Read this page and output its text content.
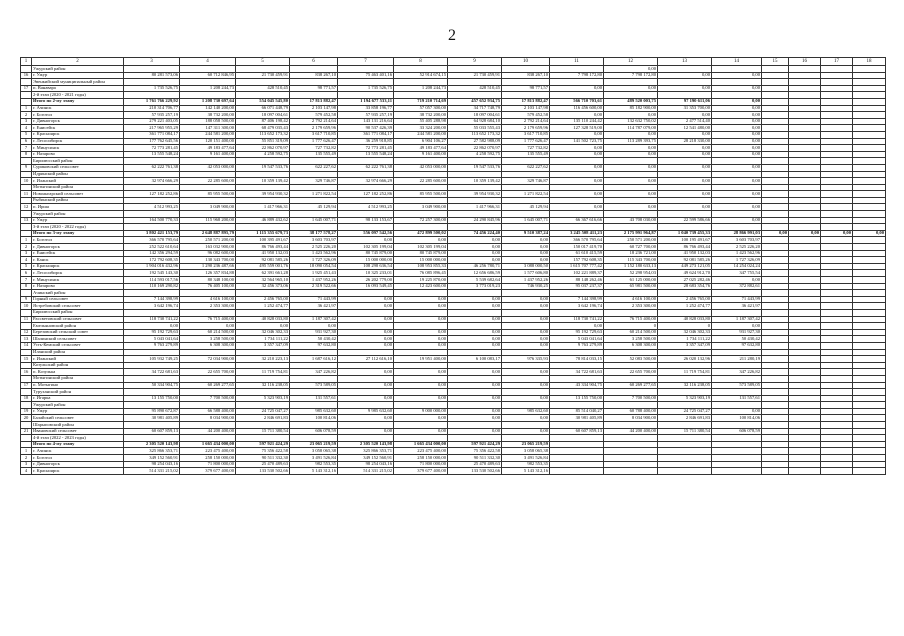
2
1	2	3	4	5	6	7	8	9	10	11	12	13	14	15	16	17	18
	Ужурский район										0,00						
16	г. Ужур	80 281 573,06	60 712 846,95	21 730 459,91	838 267,10	75 463 401,16	52 914 674,15	21 730 459,91	838 267,10	7 798 172,80	7 798 172,80	0,00	0,00				
	Эвенкийский муниципальный район																
17	п. Ванавара	1 735 526,75	1 208 244,73	428 510,45	98 771,57	1 735 526,75	1 208 244,73	428 510,45	98 771,57	0,00	0,00	0,00	0,00				
	2-й этап (2020 - 2021 годы)																
	Итого по 2-му этапу	1 761 766 229,92	1 208 730 697,64	554 045 545,80	17 813 882,47	1 194 677 533,11	719 210 714,69	457 652 934,75	17 813 882,47	566 710 703,61	489 520 003,75	97 190 611,06	0,00				
1	г. Ачинск	210 314 706,77	142 140 200,00	66 071 448,79	2 103 147,98	33 858 196,77	57 057 300,00	34 717 748,79	2 103 147,98	116 456 600,00	85 182 900,00	31 353 700,00	0,00				
2	г. Боготол	57 935 257,19	38 732 200,00	18 097 004,61	579 452,58	57 935 257,19	38 732 200,00	18 097 004,61	579 452,58	0,00	0,00	0,00	0,00				
3	г. Дивногорск	279 221 403,05	188 058 500,00	87 406 198,42	2 792 214,64	143 131 216,64	55 405 288,98	64 928 684,10	2 792 214,64	135 110 244,42	132 632 750,02	2 477 514,40	0,00				
4	г. Енисейск	217 965 955,29	147 311 300,00	68 479 035,43	2 179 659,96	90 537 426,39	33 324 200,00	55 033 555,43	2 179 659,96	127 328 519,00	114 787 079,00	12 541 480,00	0,00				
5	г. Красноярск	361 771 084,17	244 581 200,00	113 652 173,32	3 617 710,85	361 771 084,17	244 581 200,00	113 652 173,32	3 617 710,85	0,00	0,00	0,00	0,00				
6	г. Лесосибирск	177 762 645,56	120 151 400,00	55 851 319,09	1 777 626,47	36 259 918,85	6 904 106,27	27 582 988,09	1 777 626,47	141 502 723,75	113 289 393,75	28 218 330,00	0,00				
7	г. Минусинск	72 773 281,45	49 183 477,64	22 862 070,97	727 732,82	72 773 281,45	49 183 477,64	22 862 070,97	727 732,82	0,00	0,00	0,00	0,00				
8	г. Назарово	13 555 548,24	9 161 400,00	4 258 592,75	135 555,49	13 555 548,24	9 161 400,00	4 258 592,75	135 555,49	0,00	0,00	0,00	0,00				
	Бирилюсский район																
9	Суриковский сельсовет	62 222 761,38	42 053 000,00	19 547 533,76	622 227,62	62 222 761,38	42 053 000,00	19 547 533,76	622 227,62	0,00	0,00	0,00	0,00				
	Идринский район																
10	г. Иланский	32 974 666,29	22 285 600,00	10 359 139,42	329 746,87	32 974 666,29	22 285 600,00	10 359 139,42	329 746,87	0,00	0,00	0,00	0,00				
	Мотыгинский район																
11	Новоангарский сельсовет	127 182 252,86	85 955 500,00	39 954 930,32	1 271 822,54	127 182 252,86	85 955 500,00	39 954 930,32	1 271 822,54	0,00	0,00	0,00	0,00				
	Рыбинский район																
12	п. Ирша	4 512 993,25	3 049 900,00	1 417 966,31	45 129,94	4 512 993,25	3 049 900,00	1 417 966,31	45 129,94	0,00	0,00	0,00	0,00				
	Ужурский район																
13	г. Ужур	164 500 770,33	115 968 200,00	46 889 432,62	1 645 007,71	98 133 153,67	72 257 300,00	24 290 845,96	1 645 007,71	66 367 616,66	43 708 030,00	22 599 586,66	0,00				
	3-й этап (2020 - 2022 годы)																
	Итого по 3-му этапу	3 802 421 153,79	2 648 887 895,79	1 115 355 679,73	38 177 578,27	556 097 542,56	472 899 500,02	74 456 224,40	9 510 387,24	3 245 508 411,23	2 175 991 964,87	1 040 739 455,33	28 866 991,03	0,00	0,00	0,00	0,00
1	г. Боготол	366 570 795,64	250 571 200,00	100 395 491,67	3 603 703,97	0,00	0,00	0,00	0,00	366 570 795,64	250 571 200,00	100 195 491,67	3 603 703,97				
2	г. Дивногорск	252 522 610,64	163 032 900,00	86 766 493,44	2 525 226,20	102 305 199,04	102 305 199,04	0,00	0,00	150 017 419,70	60 727 700,00	86 766 493,44	2 525 226,20				
3	г. Енисейск	142 356 294,59	96 082 600,00	41 950 132,03	1 423 562,96	80 745 879,00	80 745 879,00	0,00	0,00	61 610 415,59	18 236 721,00	41 950 132,03	1 423 562,96				
4	г. Канск	172 792 608,35	130 343 700,00	92 081 585,26	1 727 326,09	15 000 000,00	15 000 000,00	0,00	0,00	157 792 608,35	115 343 700,00	92 081 585,26	1 727 326,09				
5	г. Красноярск	1 904 016 432,96	1 290 236 487,66	495 559 001,76	18 090 054,54	108 298 636,54	108 953 855,33	46 256 780,71	3 088 000,50	1 615 707 777,42	1 152 180 633,13	449 273 121,05	14 254 024,24				
6	г. Лесосибирск	192 545 143,30	126 357 834,88	62 391 661,28	1 925 451,43	10 325 233,01	76 085 896,45	12 656 686,59	1 577 606,80	102 221 889,37	52 298 954,03	49 624 912,70	347 755,54				
7	г. Минусинск	114 593 017,56	80 348 100,00	32 564 965,10	1 437 952,26	26 202 779,00	19 225 870,00	5 539 682,64	1 437 952,26	88 148 262,46	61 125 000,00	27 025 282,46	0,00				
8	г. Назарово	110 169 290,82	76 405 100,00	32 456 373,06	2 319 522,66	16 093 549,45	12 423 600,00	3 773 019,23	746 930,25	95 037 237,37	65 981 500,00	28 683 354,76	372 882,61				
	Ачинский район																
9	Горный сельсовет	7 144 398,99	4 616 100,00	2 456 765,00	71 443,99	0,00	0,00	0,00	0,00	7 144 398,99	4 616 100,00	2 456 765,00	71 443,99				
10	Ястребовский сельсовет	3 642 196,74	2 353 300,00	1 252 474,77	36 421,97	0,00	0,00	0,00	0,00	3 642 196,74	2 353 300,00	1 252 474,77	36 421,97				
	Бирилюсский район																
11	Рассветовский сельсовет	118 730 741,22	76 715 400,00	40 828 033,80	1 187 307,42	0,00	0,00	0,00	0,00	118 730 741,22	76 715 400,00	40 828 033,80	1 187 307,42				
	Емельяновский район	0,00	0,00	0,00	0,00					0,00	0	0	0,00				
12	Березовский сельский совет	95 192 729,63	60 214 500,00	32 046 302,33	931 927,30	0,00	0,00	0,00	0,00	95 192 729,63	60 214 500,00	32 046 302,33	931 927,30				
13	Шалинский сельсовет	5 043 041,64	3 258 500,00	1 734 111,22	50 430,42	0,00	0,00	0,00	0,00	5 043 041,64	3 258 500,00	1 734 111,22	50 430,42				
14	Усть-Кемский сельсовет	9 763 279,89	6 308 300,00	3 357 347,09	97 632,80	0,00	0,00	0,00	0,00	9 763 279,89	6 308 300,00	3 357 347,09	97 632,80				
	Иланский район																
15	г. Иланский	105 932 749,25	72 034 900,00	32 210 223,13	1 687 616,12	27 112 616,10	19 951 400,00	6 100 083,17	976 335,93	78 814 033,15	52 083 500,00	26 020 132,96	211 280,19				
	Козульский район																
16	п. Козулька	34 722 681,63	22 655 700,00	11 719 754,81	347 226,82	0,00	0,00	0,00	0,00	34 722 681,63	22 655 700,00	11 719 754,81	347 226,82				
	Мотыгинский район																
17	п. Мотыгино	50 334 904,75	60 269 277,65	32 116 238,05	573 589,05	0,00	0,00	0,00	0,00	43 334 904,75	60 269 277,65	32 116 238,05	573 589,05				
	Туруханский район																
18	г. Игарка	13 155 750,00	7 700 500,00	5 323 903,19	131 557,61	0,00	0,00	0,00	0,00	13 155 750,00	7 700 500,00	5 323 903,19	131 557,61				
	Ужурский район																
19	г. Ужур	95 890 672,87	66 588 400,00	24 725 047,27	985 632,60	9 985 632,60	9 000 000,00	0,00	985 632,60	85 514 040,27	60 788 400,00	24 725 047,27	0,00				
20	Балайский сельсовет	30 981 405,89	8 034 900,00	2 846 691,83	100 814,06	0,00	0,00	0,00	0,00	30 981 405,89	8 034 900,00	2 846 691,83	100 814,06				
	Шарыповский район																
21	Ивановский сельсовет	60 607 859,13	44 200 400,00	15 711 380,54	606 078,59	0,00	0,00	0,00	0,00	60 607 859,13	44 200 400,00	15 711 380,54	606 078,59				
	4-й этап (2022 - 2023 годы)																
	Итого по 4-му этапу	2 305 520 143,98	1 665 434 000,00	597 921 424,29	23 065 219,59	2 305 520 143,98	1 665 434 000,00	597 921 424,29	23 065 219,59								
1	г. Ачинск	325 866 353,71	223 475 400,00	75 356 422,58	3 058 065,38	325 866 353,71	223 475 400,00	75 356 422,58	3 058 065,38								
2	г. Боготол	349 152 560,91	258 150 000,00	90 511 332,30	3 491 526,84	349 152 560,91	258 150 000,00	90 511 332,30	3 491 526,84								
3	г. Дивногорск	98 254 043,16	71 800 000,00	25 470 489,63	982 553,35	98 254 043,16	71 800 000,00	25 470 489,63	982 553,35								
4	г. Красноярск	514 331 215,02	379 677 400,00	133 530 502,66	5 143 312,16	514 331 215,02	379 677 400,00	133 530 502,66	5 143 312,16								
